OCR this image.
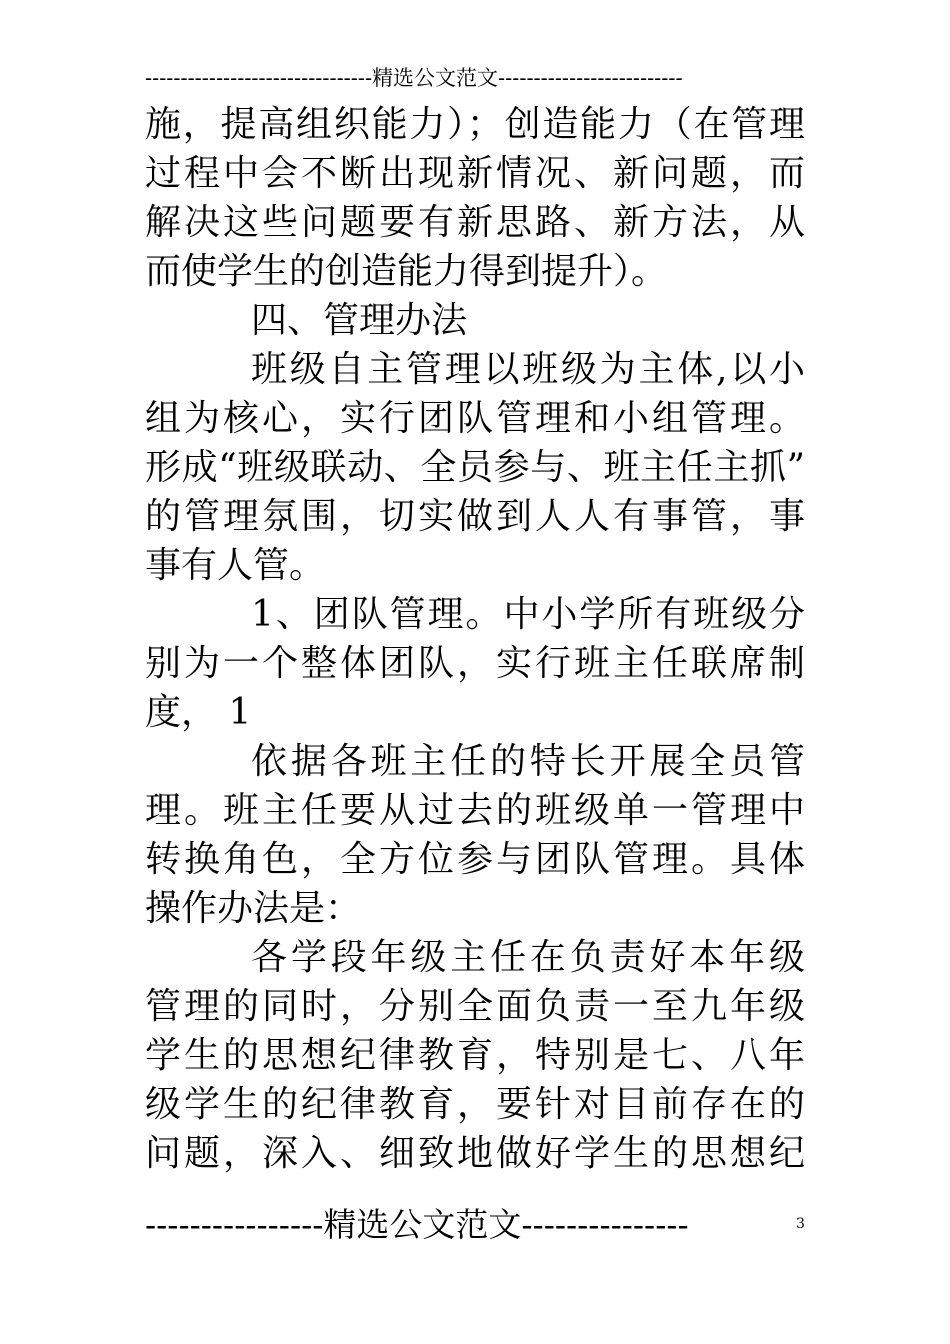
--------------------------------精选公文范文--------------------------
施，提高组织能力）；创造能力（在管理
过程中会不断出现新情况、新问题，而
解决这些问题要有新思路、新方法，从
而使学生的创造能力得到提升）。
四、管理办法
班级自主管理以班级为主体,以小
组为核心，实行团队管理和小组管理。
形成“班级联动、全员参与、班主任主抓”
的管理氛围，切实做到人人有事管，事
事有人管。
1、团队管理。中小学所有班级分
别为一个整体团队，实行班主任联席制
度， 1
依据各班主任的特长开展全员管
理。班主任要从过去的班级单一管理中
转换角色，全方位参与团队管理。具体
操作办法是：
各学段年级主任在负责好本年级
管理的同时，分别全面负责一至九年级
学生的思想纪律教育，特别是七、八年
级学生的纪律教育，要针对目前存在的
问题，深入、细致地做好学生的思想纪
----------------精选公文范文---------------	3
